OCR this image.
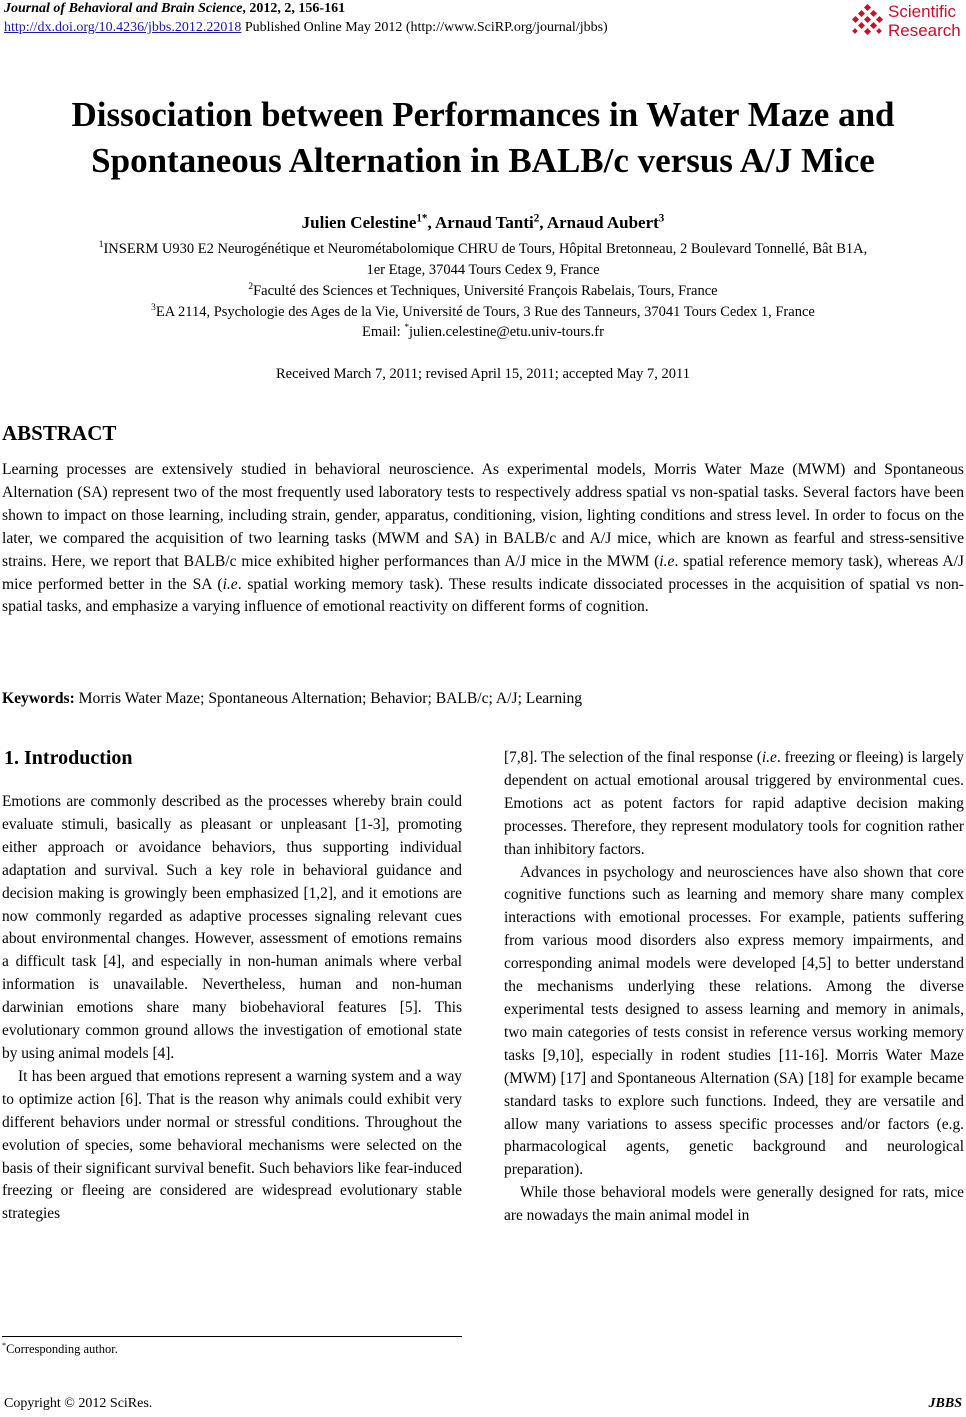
Journal of Behavioral and Brain Science, 2012, 2, 156-161
http://dx.doi.org/10.4236/jbbs.2012.22018 Published Online May 2012 (http://www.SciRP.org/journal/jbbs)
Scientific
Research
Dissociation between Performances in Water Maze and
Spontaneous Alternation in BALB/c versus A/J Mice
Julien Celestine$^{1*}$, Arnaud Tanti$^2$, Arnaud Aubert$^3$
$^1$INSERM U930 E2 Neurogénétique et Neurométabolomique CHRU de Tours, Hôpital Bretonneau, 2 Boulevard Tonnellé, Bât B1A,
1er Etage, 37044 Tours Cedex 9, France
$^2$Faculté des Sciences et Techniques, Université François Rabelais, Tours, France
$^3$EA 2114, Psychologie des Ages de la Vie, Université de Tours, 3 Rue des Tanneurs, 37041 Tours Cedex 1, France
Email: *julien.celestine@etu.univ-tours.fr
Received March 7, 2011; revised April 15, 2011; accepted May 7, 2011
ABSTRACT
Learning processes are extensively studied in behavioral neuroscience. As experimental models, Morris Water Maze (MWM) and Spontaneous Alternation (SA) represent two of the most frequently used laboratory tests to respectively address spatial vs non-spatial tasks. Several factors have been shown to impact on those learning, including strain, gender, apparatus, conditioning, vision, lighting conditions and stress level. In order to focus on the later, we compared the acquisition of two learning tasks (MWM and SA) in BALB/c and A/J mice, which are known as fearful and stress-sensitive strains. Here, we report that BALB/c mice exhibited higher performances than A/J mice in the MWM (i.e. spatial reference memory task), whereas A/J mice performed better in the SA (i.e. spatial working memory task). These results indicate dissociated processes in the acquisition of spatial vs non-spatial tasks, and emphasize a varying influence of emotional reactivity on different forms of cognition.
Keywords: Morris Water Maze; Spontaneous Alternation; Behavior; BALB/c; A/J; Learning
1. Introduction

Emotions are commonly described as the processes whereby brain could evaluate stimuli, basically as pleasant or unpleasant [1-3], promoting either approach or avoidance behaviors, thus supporting individual adaptation and survival. Such a key role in behavioral guidance and decision making is growingly been emphasized [1,2], and it emotions are now commonly regarded as adaptive processes signaling relevant cues about environmental changes. However, assessment of emotions remains a difficult task [4], and especially in non-human animals where verbal information is unavailable. Nevertheless, human and non-human darwinian emotions share many biobehavioral features [5]. This evolutionary common ground allows the investigation of emotional state by using animal models [4].

It has been argued that emotions represent a warning system and a way to optimize action [6]. That is the reason why animals could exhibit very different behaviors under normal or stressful conditions. Throughout the evolution of species, some behavioral mechanisms were selected on the basis of their significant survival benefit. Such behaviors like fear-induced freezing or fleeing are considered are widespread evolutionary stable strategies

[7,8]. The selection of the final response (i.e. freezing or fleeing) is largely dependent on actual emotional arousal triggered by environmental cues. Emotions act as potent factors for rapid adaptive decision making processes. Therefore, they represent modulatory tools for cognition rather than inhibitory factors.

Advances in psychology and neurosciences have also shown that core cognitive functions such as learning and memory share many complex interactions with emotional processes. For example, patients suffering from various mood disorders also express memory impairments, and corresponding animal models were developed [4,5] to better understand the mechanisms underlying these relations. Among the diverse experimental tests designed to assess learning and memory in animals, two main categories of tests consist in reference versus working memory tasks [9,10], especially in rodent studies [11-16]. Morris Water Maze (MWM) [17] and Spontaneous Alternation (SA) [18] for example became standard tasks to explore such functions. Indeed, they are versatile and allow many variations to assess specific processes and/or factors (e.g. pharmacological agents, genetic background and neurological preparation).

While those behavioral models were generally designed for rats, mice are nowadays the main animal model in

*Corresponding author.
Copyright © 2012 SciRes.	JBBS
